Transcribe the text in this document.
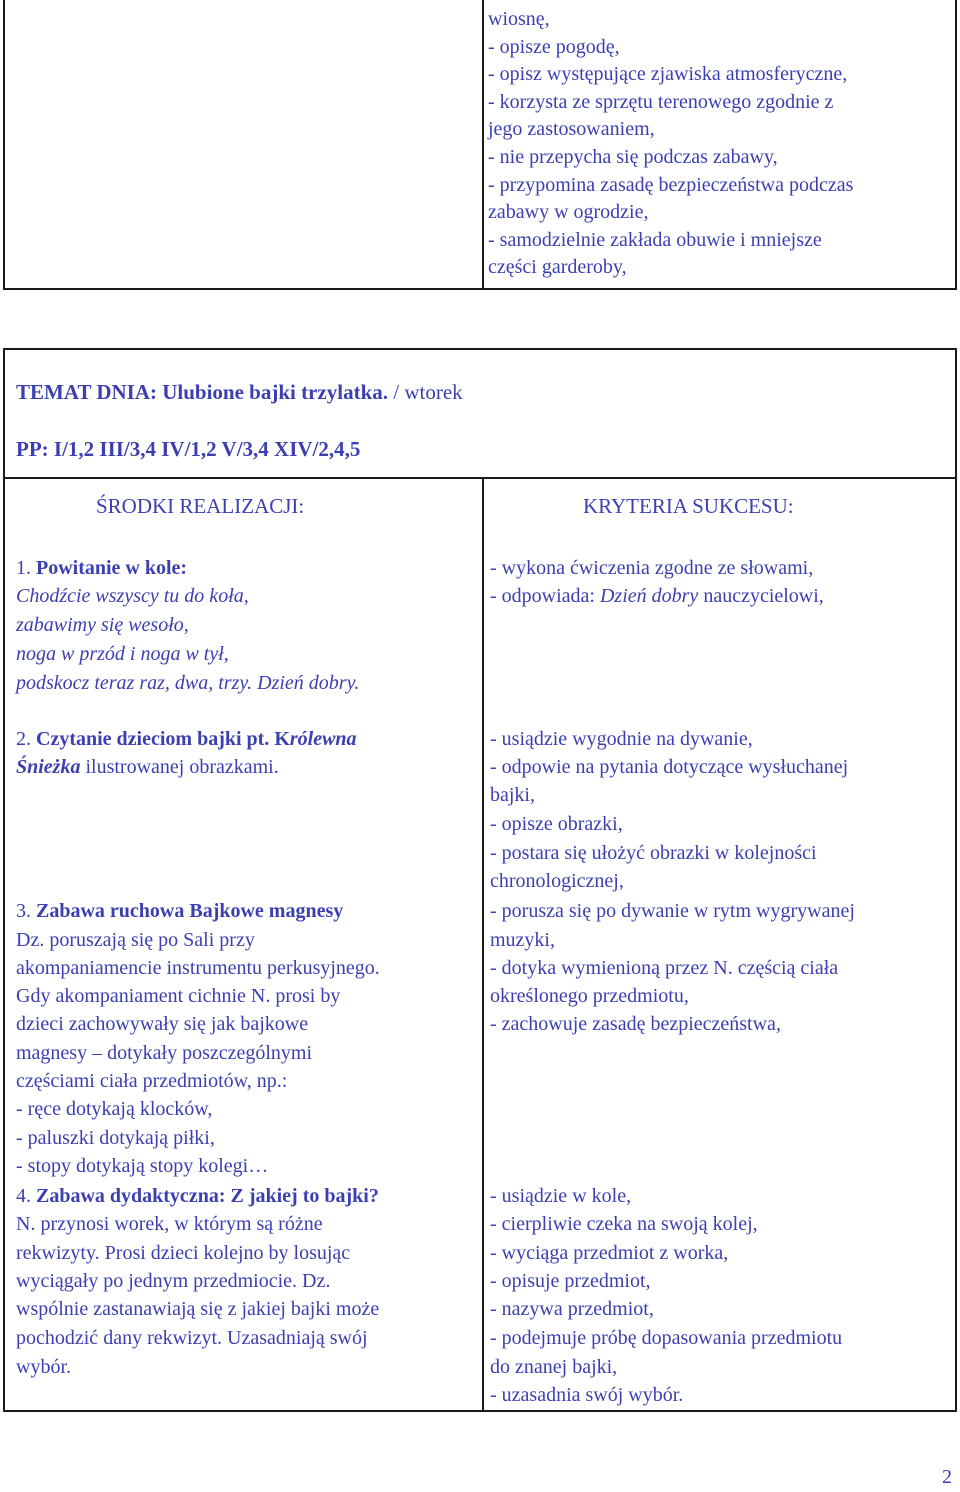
wiosnę,
- opisze pogodę,
- opisz występujące zjawiska atmosferyczne,
- korzysta ze sprzętu terenowego zgodnie z
jego zastosowaniem,
- nie przepycha się podczas zabawy,
- przypomina zasadę bezpieczeństwa podczas
zabawy w ogrodzie,
- samodzielnie zakłada obuwie i mniejsze
części garderoby,
TEMAT DNIA: Ulubione bajki trzylatka. / wtorek
PP: I/1,2 III/3,4 IV/1,2 V/3,4 XIV/2,4,5
ŚRODKI REALIZACJI:	KRYTERIA SUKCESU:
1. Powitanie w kole:
Chodźcie wszyscy tu do koła,
zabawimy się wesoło,
noga w przód i noga w tył,
podskocz teraz raz, dwa, trzy. Dzień dobry.
2. Czytanie dzieciom bajki pt. Królewna
Śnieżka ilustrowanej obrazkami.
3. Zabawa ruchowa Bajkowe magnesy
Dz. poruszają się po Sali przy
akompaniamencie instrumentu perkusyjnego.
Gdy akompaniament cichnie N. prosi by
dzieci zachowywały się jak bajkowe
magnesy – dotykały poszczególnymi
częściami ciała przedmiotów, np.:
- ręce dotykają klocków,
- paluszki dotykają piłki,
- stopy dotykają stopy kolegi…
4. Zabawa dydaktyczna: Z jakiej to bajki?
N. przynosi worek, w którym są różne
rekwizyty. Prosi dzieci kolejno by losując
wyciągały po jednym przedmiocie. Dz.
wspólnie zastanawiają się z jakiej bajki może
pochodzić dany rekwizyt. Uzasadniają swój
wybór.
- wykona ćwiczenia zgodne ze słowami,
- odpowiada: Dzień dobry nauczycielowi,
- usiądzie wygodnie na dywanie,
- odpowie na pytania dotyczące wysłuchanej
bajki,
- opisze obrazki,
- postara się ułożyć obrazki w kolejności
chronologicznej,
- porusza się po dywanie w rytm wygrywanej
muzyki,
- dotyka wymienioną przez N. częścią ciała
określonego przedmiotu,
- zachowuje zasadę bezpieczeństwa,
- usiądzie w kole,
- cierpliwie czeka na swoją kolej,
- wyciąga przedmiot z worka,
- opisuje przedmiot,
- nazywa przedmiot,
- podejmuje próbę dopasowania przedmiotu
do znanej bajki,
- uzasadnia swój wybór.
2
